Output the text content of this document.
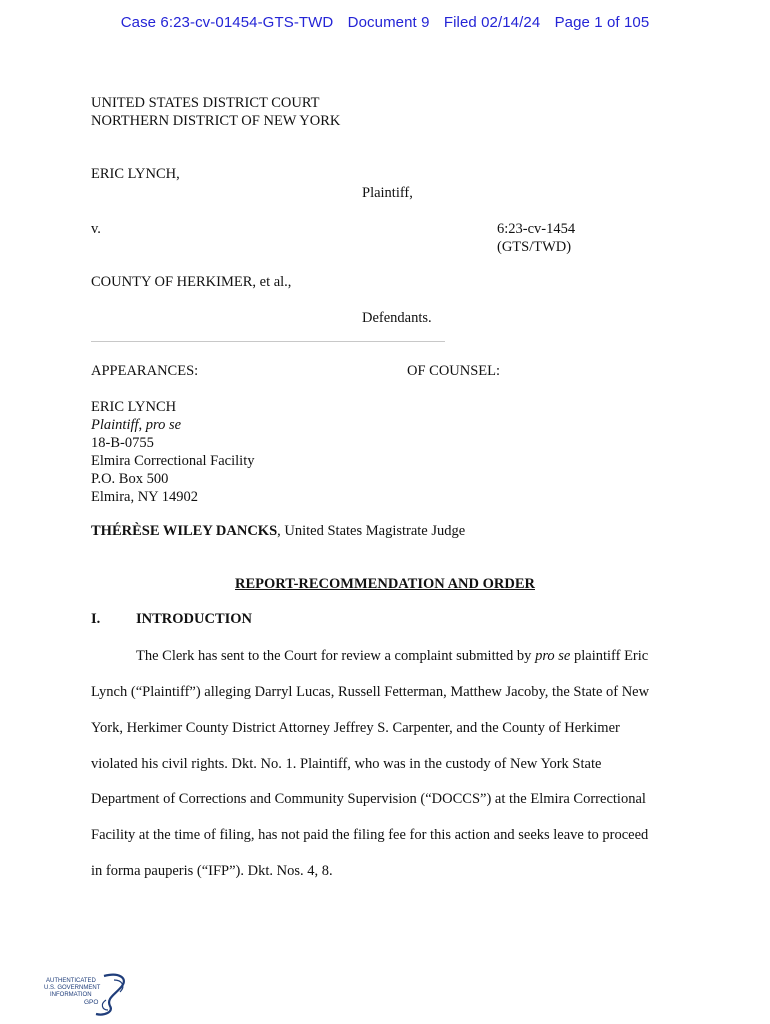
Case 6:23-cv-01454-GTS-TWD Document 9 Filed 02/14/24 Page 1 of 105
UNITED STATES DISTRICT COURT
NORTHERN DISTRICT OF NEW YORK
ERIC LYNCH,
Plaintiff,
v.	6:23-cv-1454
(GTS/TWD)
COUNTY OF HERKIMER, et al.,
Defendants.
APPEARANCES:	OF COUNSEL:
ERIC LYNCH
Plaintiff, pro se
18-B-0755
Elmira Correctional Facility
P.O. Box 500
Elmira, NY 14902
THÉRÈSE WILEY DANCKS, United States Magistrate Judge
REPORT-RECOMMENDATION AND ORDER
I. INTRODUCTION
The Clerk has sent to the Court for review a complaint submitted by pro se plaintiff Eric
Lynch (“Plaintiff”) alleging Darryl Lucas, Russell Fetterman, Matthew Jacoby, the State of New
York, Herkimer County District Attorney Jeffrey S. Carpenter, and the County of Herkimer
violated his civil rights. Dkt. No. 1. Plaintiff, who was in the custody of New York State
Department of Corrections and Community Supervision (“DOCCS”) at the Elmira Correctional
Facility at the time of filing, has not paid the filing fee for this action and seeks leave to proceed
in forma pauperis (“IFP”). Dkt. Nos. 4, 8.
AUTHENTICATED
U.S. GOVERNMENT
INFORMATION
GPO
